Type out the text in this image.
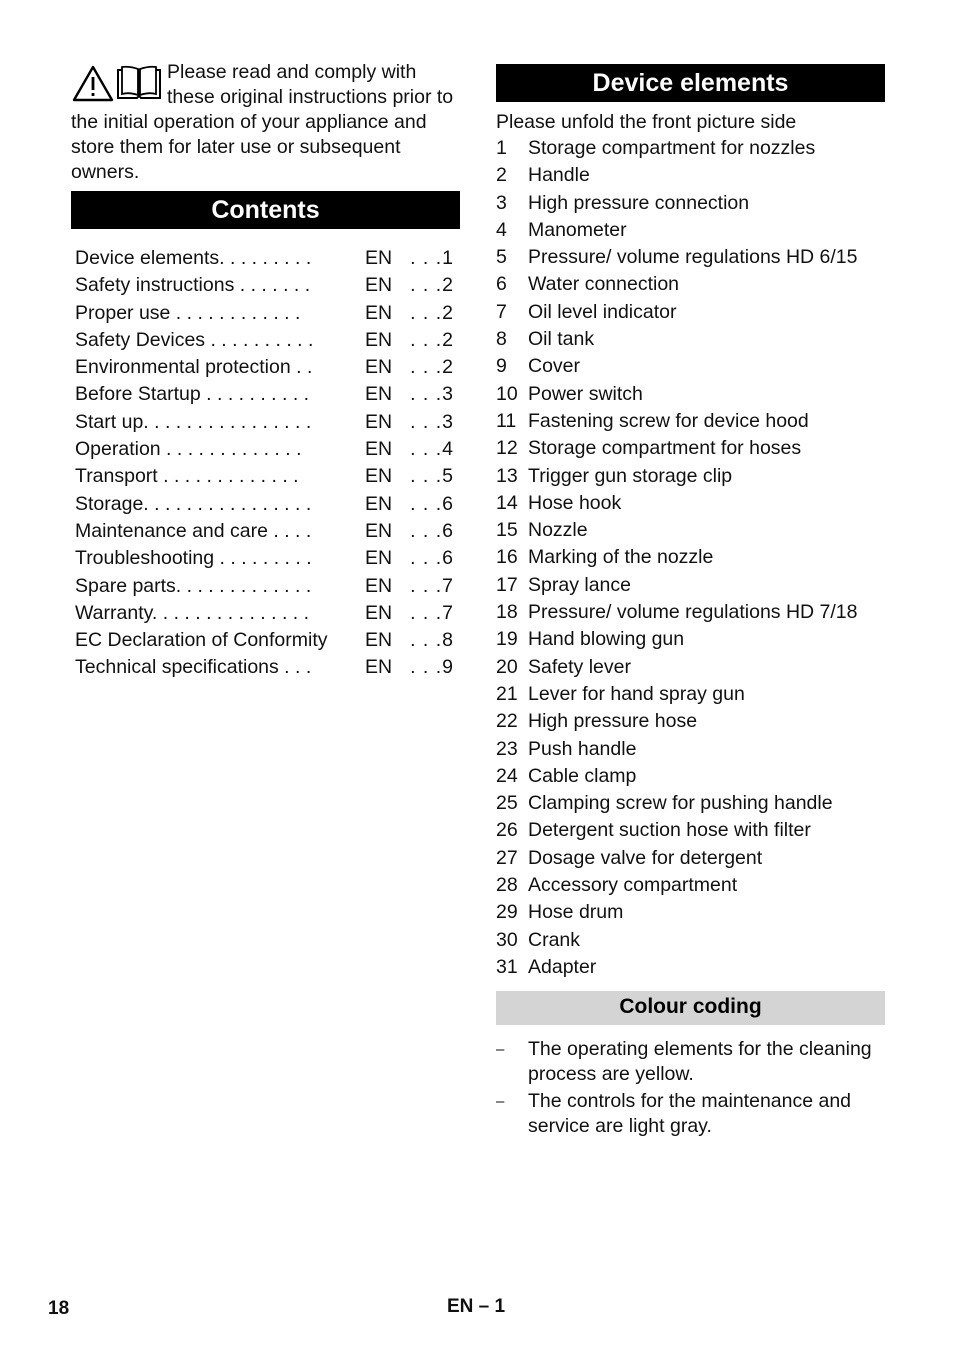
Please read and comply with these original instructions prior to the initial operation of your appliance and store them for later use or subsequent owners.
Contents
Device elements. . . . . . . . .	EN . . .1
Safety instructions . . . . . . .	EN . . .2
Proper use . . . . . . . . . . . .	EN . . .2
Safety Devices . . . . . . . . . .	EN . . .2
Environmental protection . .	EN . . .2
Before Startup . . . . . . . . . .	EN . . .3
Start up. . . . . . . . . . . . . . . .	EN . . .3
Operation . . . . . . . . . . . . .	EN . . .4
Transport . . . . . . . . . . . . .	EN . . .5
Storage. . . . . . . . . . . . . . . .	EN . . .6
Maintenance and care . . . .	EN . . .6
Troubleshooting . . . . . . . . .	EN . . .6
Spare parts. . . . . . . . . . . . .	EN . . .7
Warranty. . . . . . . . . . . . . . .	EN . . .7
EC Declaration of Conformity	EN . . .8
Technical specifications . . .	EN . . .9
Device elements
Please unfold the front picture side
1	Storage compartment for nozzles
2	Handle
3	High pressure connection
4	Manometer
5	Pressure/ volume regulations HD 6/15
6	Water connection
7	Oil level indicator
8	Oil tank
9	Cover
10 Power switch
11 Fastening screw for device hood
12 Storage compartment for hoses
13 Trigger gun storage clip
14 Hose hook
15 Nozzle
16 Marking of the nozzle
17 Spray lance
18 Pressure/ volume regulations HD 7/18
19 Hand blowing gun
20 Safety lever
21 Lever for hand spray gun
22 High pressure hose
23 Push handle
24 Cable clamp
25 Clamping screw for pushing handle
26 Detergent suction hose with filter
27 Dosage valve for detergent
28 Accessory compartment
29 Hose drum
30 Crank
31 Adapter
Colour coding
–	The operating elements for the cleaning process are yellow.
–	The controls for the maintenance and service are light gray.
18	EN – 1
